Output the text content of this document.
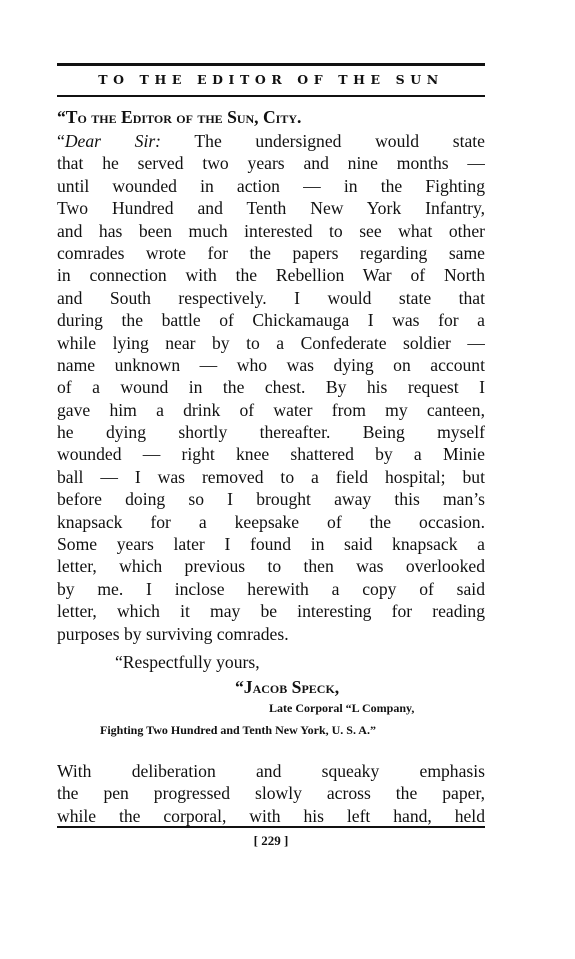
TO THE EDITOR OF THE SUN
“To the Editor of the Sun, City.
“Dear Sir: The undersigned would state
that he served two years and nine months —
until wounded in action — in the Fighting
Two Hundred and Tenth New York Infantry,
and has been much interested to see what other
comrades wrote for the papers regarding same
in connection with the Rebellion War of North
and South respectively. I would state that
during the battle of Chickamauga I was for a
while lying near by to a Confederate soldier —
name unknown — who was dying on account
of a wound in the chest. By his request I
gave him a drink of water from my canteen,
he dying shortly thereafter. Being myself
wounded — right knee shattered by a Minie
ball — I was removed to a field hospital; but
before doing so I brought away this man’s
knapsack for a keepsake of the occasion.
Some years later I found in said knapsack a
letter, which previous to then was overlooked
by me. I inclose herewith a copy of said
letter, which it may be interesting for reading
purposes by surviving comrades.
“Respectfully yours,
“Jacob Speck,
Late Corporal “L Company,
Fighting Two Hundred and Tenth New York, U. S. A.”
With deliberation and squeaky emphasis
the pen progressed slowly across the paper,
while the corporal, with his left hand, held
[ 229 ]
